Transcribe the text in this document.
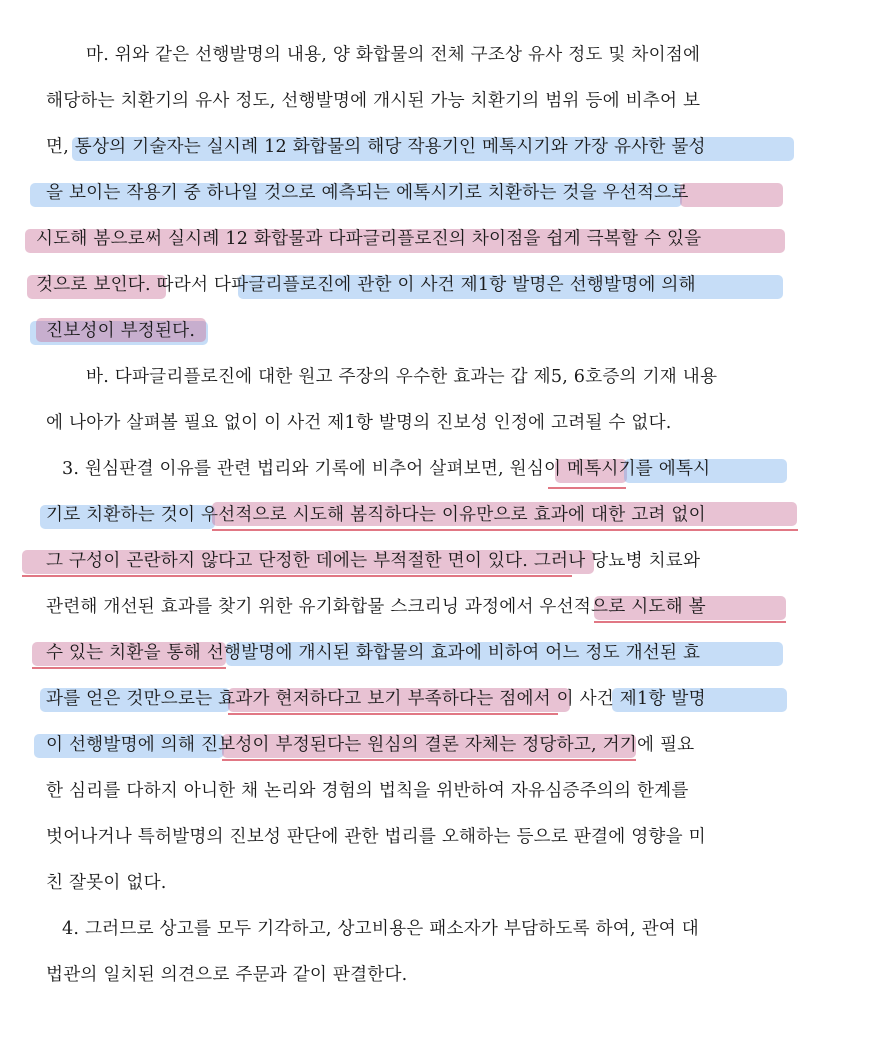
마. 위와 같은 선행발명의 내용, 양 화합물의 전체 구조상 유사 정도 및 차이점에
해당하는 치환기의 유사 정도, 선행발명에 개시된 가능 치환기의 범위 등에 비추어 보
면, 통상의 기술자는 실시례 12 화합물의 해당 작용기인 메톡시기와 가장 유사한 물성
을 보이는 작용기 중 하나일 것으로 예측되는 에톡시기로 치환하는 것을 우선적으로
시도해 봄으로써 실시례 12 화합물과 다파글리플로진의 차이점을 쉽게 극복할 수 있을
것으로 보인다. 따라서 다파글리플로진에 관한 이 사건 제1항 발명은 선행발명에 의해
진보성이 부정된다.
바. 다파글리플로진에 대한 원고 주장의 우수한 효과는 갑 제5, 6호증의 기재 내용
에 나아가 살펴볼 필요 없이 이 사건 제1항 발명의 진보성 인정에 고려될 수 없다.
3. 원심판결 이유를 관련 법리와 기록에 비추어 살펴보면, 원심이 메톡시기를 에톡시
기로 치환하는 것이 우선적으로 시도해 봄직하다는 이유만으로 효과에 대한 고려 없이
그 구성이 곤란하지 않다고 단정한 데에는 부적절한 면이 있다. 그러나 당뇨병 치료와
관련해 개선된 효과를 찾기 위한 유기화합물 스크리닝 과정에서 우선적으로 시도해 볼
수 있는 치환을 통해 선행발명에 개시된 화합물의 효과에 비하여 어느 정도 개선된 효
과를 얻은 것만으로는 효과가 현저하다고 보기 부족하다는 점에서 이 사건 제1항 발명
이 선행발명에 의해 진보성이 부정된다는 원심의 결론 자체는 정당하고, 거기에 필요
한 심리를 다하지 아니한 채 논리와 경험의 법칙을 위반하여 자유심증주의의 한계를
벗어나거나 특허발명의 진보성 판단에 관한 법리를 오해하는 등으로 판결에 영향을 미
친 잘못이 없다.
4. 그러므로 상고를 모두 기각하고, 상고비용은 패소자가 부담하도록 하여, 관여 대
법관의 일치된 의견으로 주문과 같이 판결한다.
